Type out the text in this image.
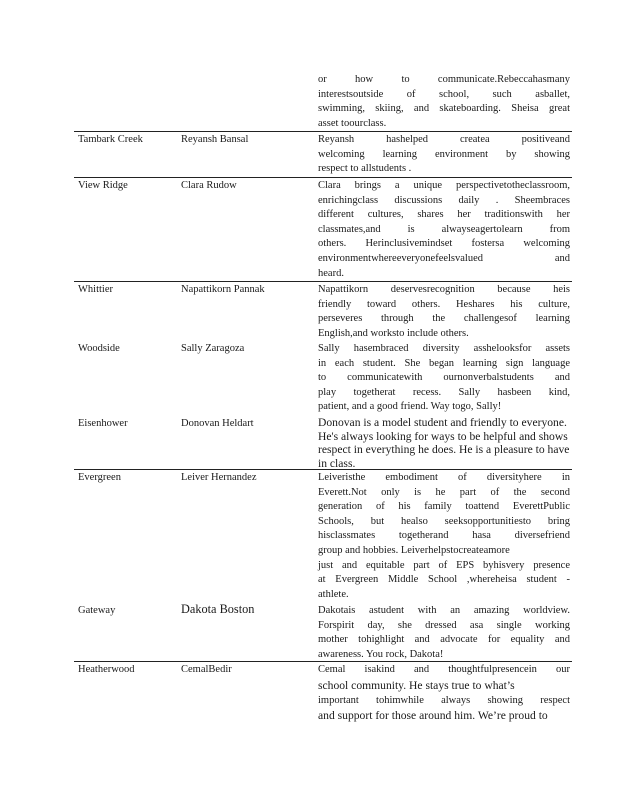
or how to communicate.Rebeccahasmany
interestsoutside of school, such asballet,
swimming, skiing, and skateboarding. Sheisa great
asset toourclass.
Tambark Creek	Reyansh Bansal	Reyansh hashelped createa positiveand
welcoming learning environment by showing
respect to allstudents .
View Ridge	Clara Rudow	Clara brings a unique perspectivetotheclassroom,
enrichingclass discussions daily . Sheembraces
different cultures, shares her traditionswith her
classmates,and is alwayseagertolearn from
others. Herinclusivemindset fostersa welcoming
environmentwhereeveryonefeelsvalued and
heard.
Whittier	Napattikorn Pannak	Napattikorn deservesrecognition because heis
friendly toward others. Heshares his culture,
perseveres through the challengesof learning
English,and worksto include others.
Woodside	Sally Zaragoza	Sally hasembraced diversity asshelooksfor assets
in each student. She began learning sign language
to communicatewith ournonverbalstudents and
play togetherat recess. Sally hasbeen kind,
patient, and a good friend. Way togo, Sally!
Eisenhower	Donovan Heldart	Donovan is a model student and friendly to everyone.
He's always looking for ways to be helpful and shows
respect in everything he does. He is a pleasure to have
in class.
Evergreen	Leiver Hernandez	Leiveristhe embodiment of diversityhere in
Everett.Not only is he part of the second
generation of his family toattend EverettPublic
Schools, but healso seeksopportunitiesto bring
hisclassmates togetherand hasa diversefriend
group and hobbies. Leiverhelpstocreateamore
just and equitable part of EPS byhisvery presence
at Evergreen Middle School ,whereheisa student -
athlete.
Gateway	Dakota Boston	Dakotais astudent with an amazing worldview.
Forspirit day, she dressed asa single working
mother tohighlight and advocate for equality and
awareness. You rock, Dakota!
Heatherwood	CemalBedir	Cemal isakind and thoughtfulpresencein our
school community. He stays true to what’s
important tohimwhile always showing respect
and support for those around him. We’re proud to
